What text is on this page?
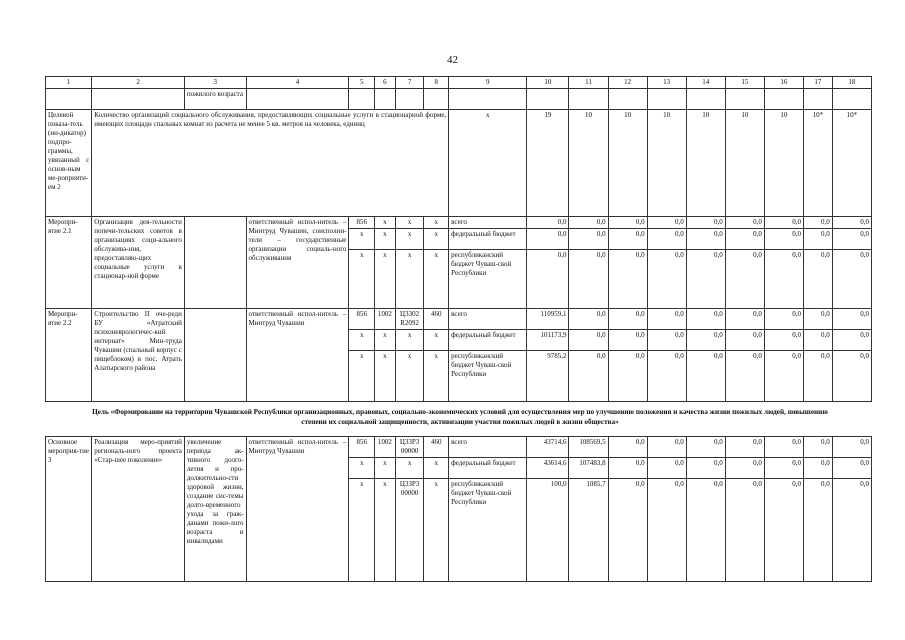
42
1	2	3	4	5	6	7	8	9	10	11	12	13	14	15	16	17	18
		пожилого возраста															
Целевой показа-тель (ин-дикатор) подпро-граммы, увязанный с основ-ным ме-роприяти-ем 2	Количество организаций социального обслуживания, предоставляющих социальные услуги в стационарной форме, имеющих площади спальных комнат из расчета не менее 5 кв. метров на человека, единиц							x	19	10	10	10	10	10	10	10*	10*
Меропри-ятие 2.1	Организация дея-тельности попечи-тельских советов в организациях соци-ального обслужива-ния, предоставляю-щих социальные услуги в стационар-ной форме		ответственный испол-нитель – Минтруд Чувашии, соисполни-тели – государственные организации социаль-ного обслуживания	856	x	x	x	всего	0,0	0,0	0,0	0,0	0,0	0,0	0,0	0,0	0,0
				x	x	x	x	федеральный бюджет	0,0	0,0	0,0	0,0	0,0	0,0	0,0	0,0	0,0
				x	x	x	x	республиканский бюджет Чуваш-ской Республики	0,0	0,0	0,0	0,0	0,0	0,0	0,0	0,0	0,0
Меропри-ятие 2.2	Строительство II оче-реди БУ «Атратский психоневрологичес-кий интернат» Мин-труда Чувашии (спальный корпус с пищеблоком) в пос. Атрать Алатырского района		ответственный испол-нитель – Минтруд Чувашии	856	1002	Ц3302 R2092	460	всего	110959,1	0,0	0,0	0,0	0,0	0,0	0,0	0,0	0,0
				x	x	x	x	федеральный бюджет	101173,9	0,0	0,0	0,0	0,0	0,0	0,0	0,0	0,0
				x	x	x	x	республиканский бюджет Чуваш-ской Республики	9785,2	0,0	0,0	0,0	0,0	0,0	0,0	0,0	0,0
Цель «Формирование на территории Чувашской Республики организационных, правовых, социально-экономических условий для осуществления мер по улучшению положения и качества жизни пожилых людей, повышению степени их социальной защищенности, активизации участия пожилых людей в жизни общества»
Основное мероприя-тие 3	Реализация меро-приятий региональ-ного проекта «Стар-шее поколение»	увеличение периода ак-тивного долго-летия и про-должительно-сти здоровой жизни, создание сис-темы долго-временного ухода за граж-данами пожи-лого возраста и инвалидами	ответственный испол-нитель – Минтруд Чувашии	856	1002	Ц33Р3 00000	460	всего	43714,6	108569,5	0,0	0,0	0,0	0,0	0,0	0,0	0,0
				x	x	x	x	федеральный бюджет	43614,6	107483,8	0,0	0,0	0,0	0,0	0,0	0,0	0,0
				x	x	Ц33Р3 00000	x	республиканский бюджет Чуваш-ской Республики	100,0	1085,7	0,0	0,0	0,0	0,0	0,0	0,0	0,0
